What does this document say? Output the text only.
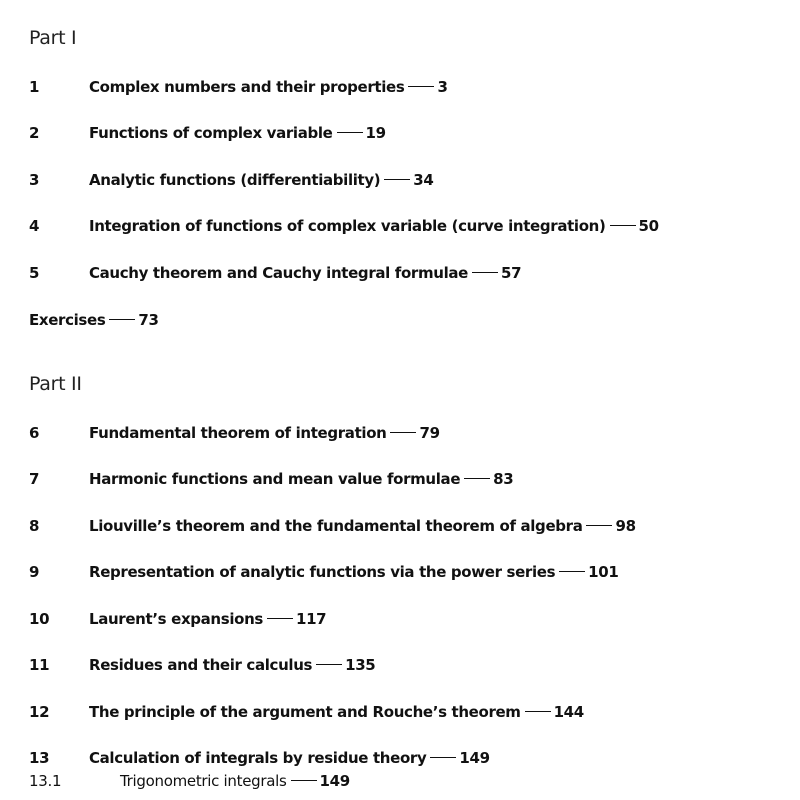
Part I
1	Complex numbers and their properties 3
2	Functions of complex variable 19
3	Analytic functions (differentiability) 34
4	Integration of functions of complex variable (curve integration) 50
5	Cauchy theorem and Cauchy integral formulae 57
Exercises 73
Part II
6	Fundamental theorem of integration 79
7	Harmonic functions and mean value formulae 83
8	Liouville’s theorem and the fundamental theorem of algebra 98
9	Representation of analytic functions via the power series 101
10	Laurent’s expansions 117
11	Residues and their calculus 135
12	The principle of the argument and Rouche’s theorem 144
13	Calculation of integrals by residue theory 149
13.1	Trigonometric integrals 149
